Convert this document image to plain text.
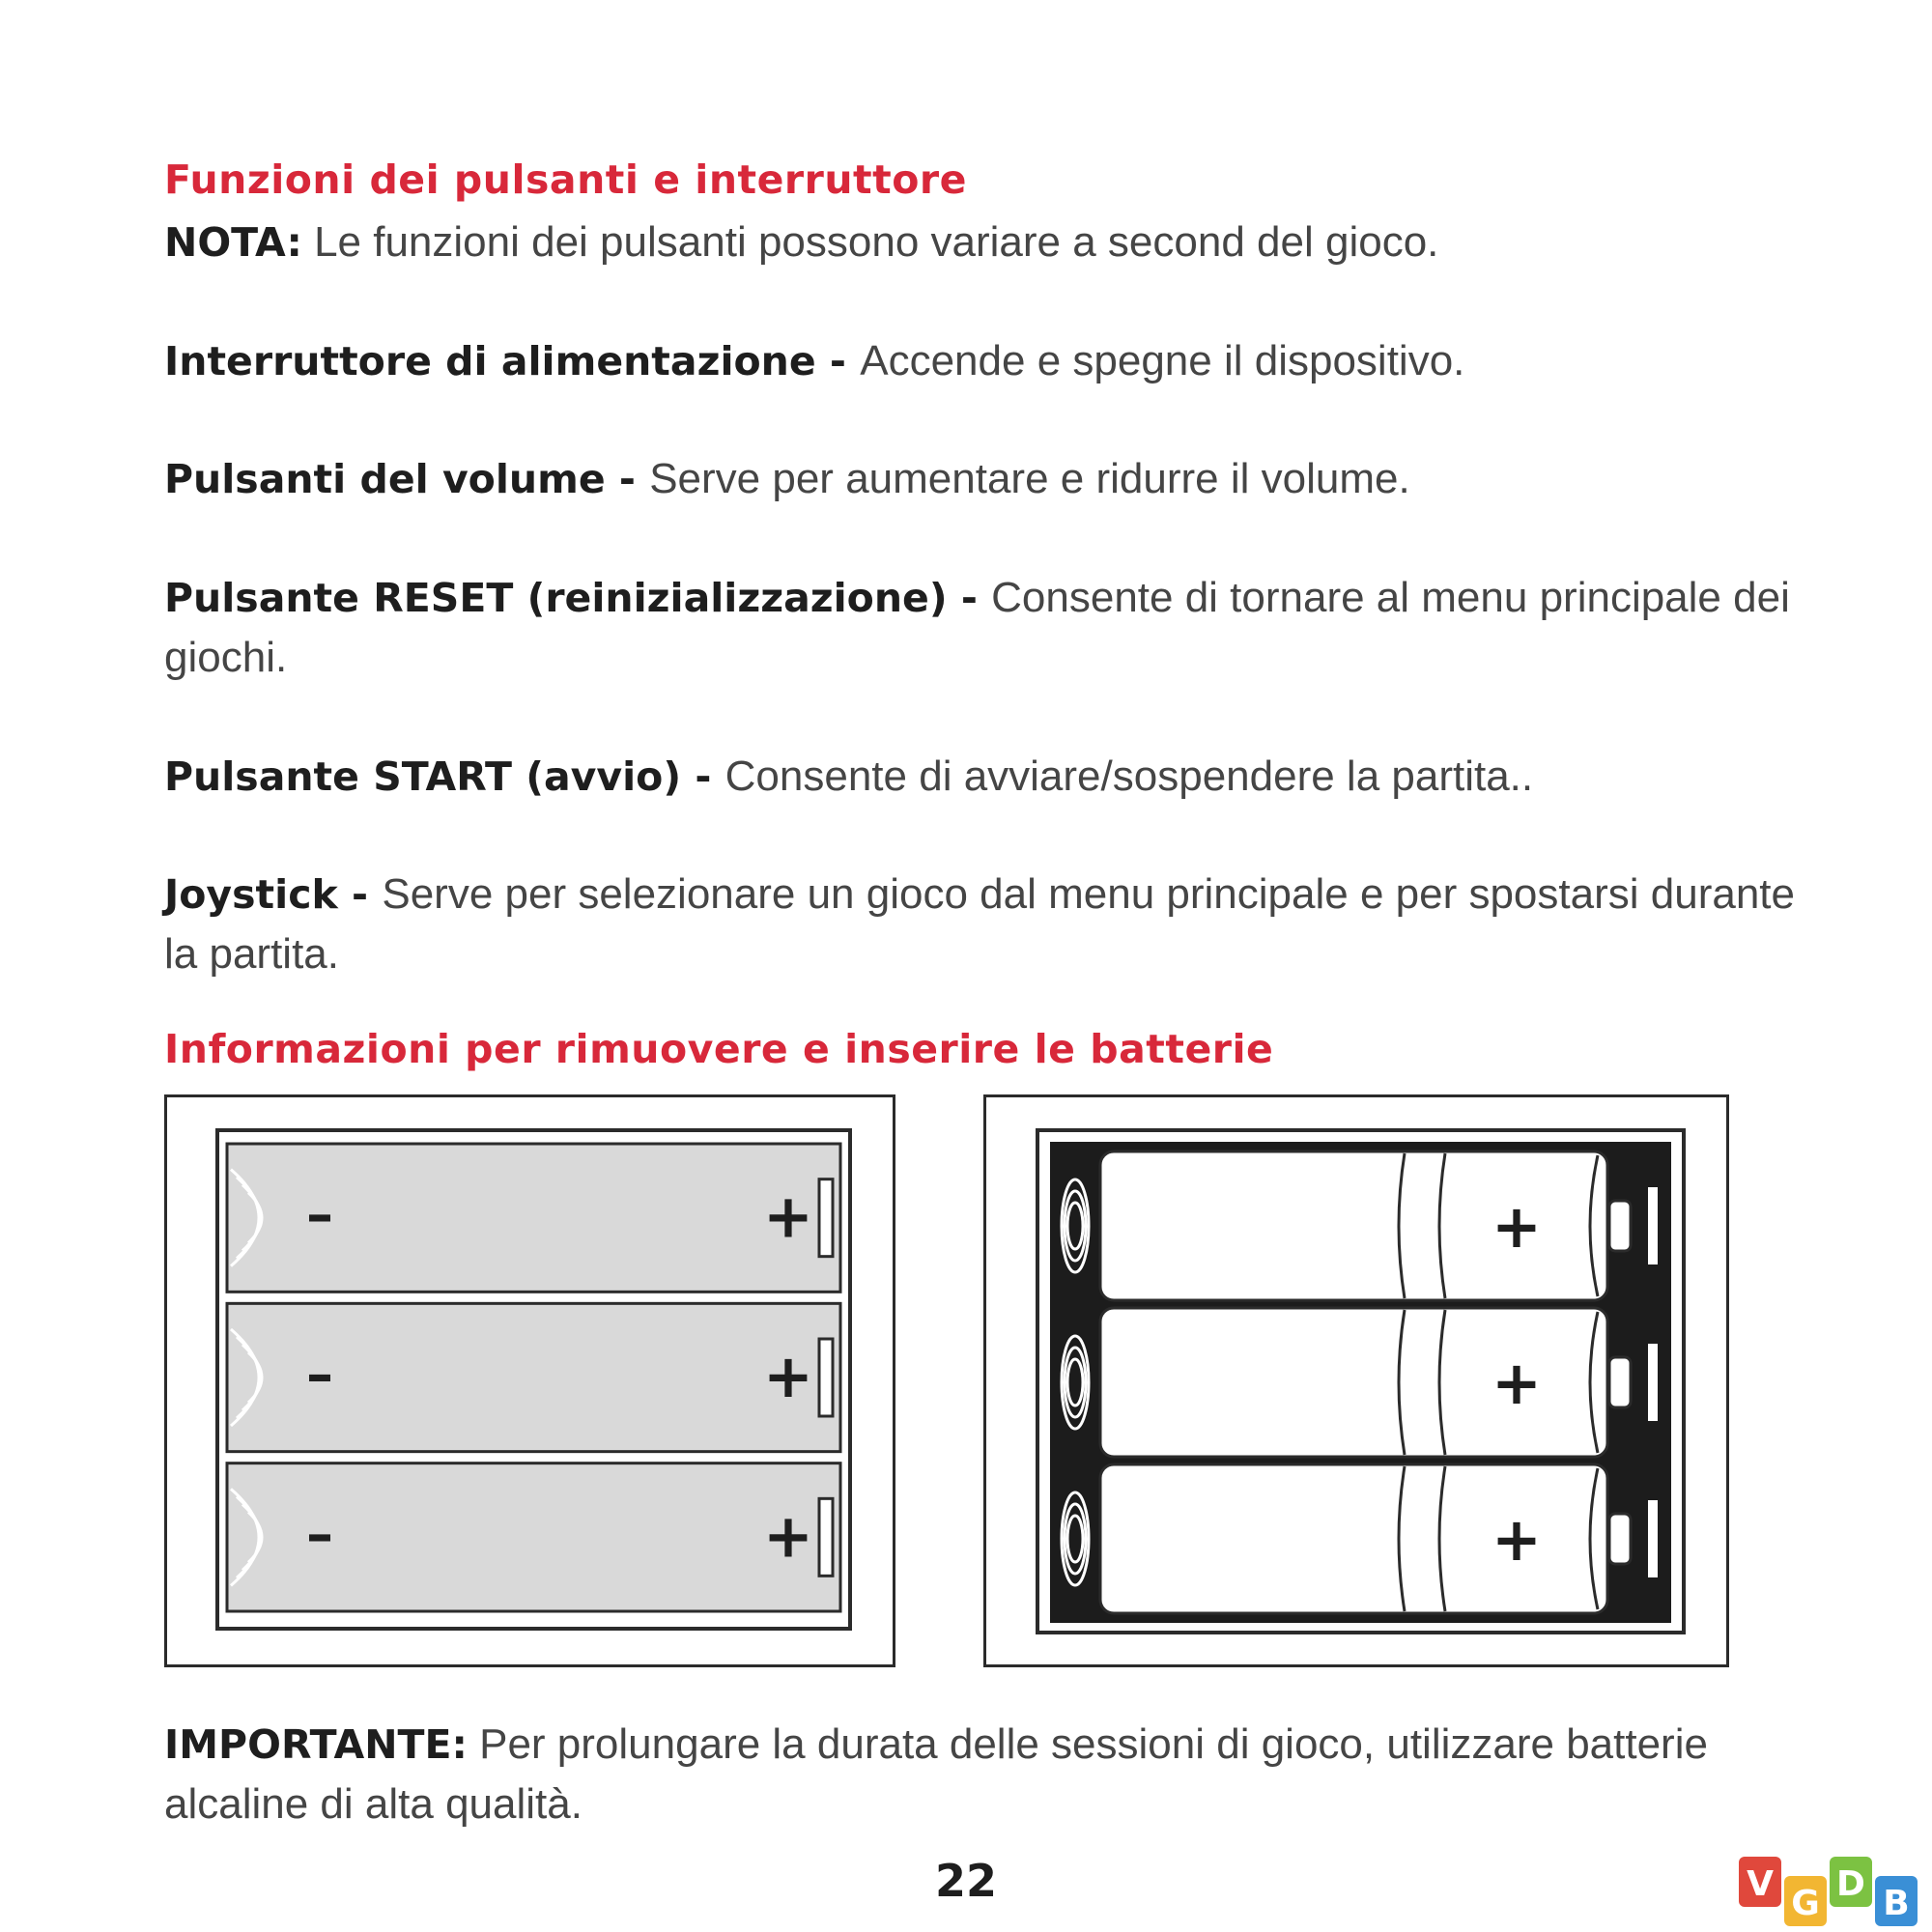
Funzioni dei pulsanti e interruttore

NOTA: Le funzioni dei pulsanti possono variare a second del gioco.

Interruttore di alimentazione - Accende e spegne il dispositivo.

Pulsanti del volume - Serve per aumentare e ridurre il volume.

Pulsante RESET (reinizializzazione) - Consente di tornare al menu principale dei giochi.

Pulsante START (avvio) - Consente di avviare/sospendere la partita..

Joystick - Serve per selezionare un gioco dal menu principale e per spostarsi durante la partita.

Informazioni per rimuovere e inserire le batterie
–	+
–	+
–	+
+
+
+

IMPORTANTE: Per prolungare la durata delle sessioni di gioco, utilizzare batterie alcaline di alta qualità.

22	V G D B
